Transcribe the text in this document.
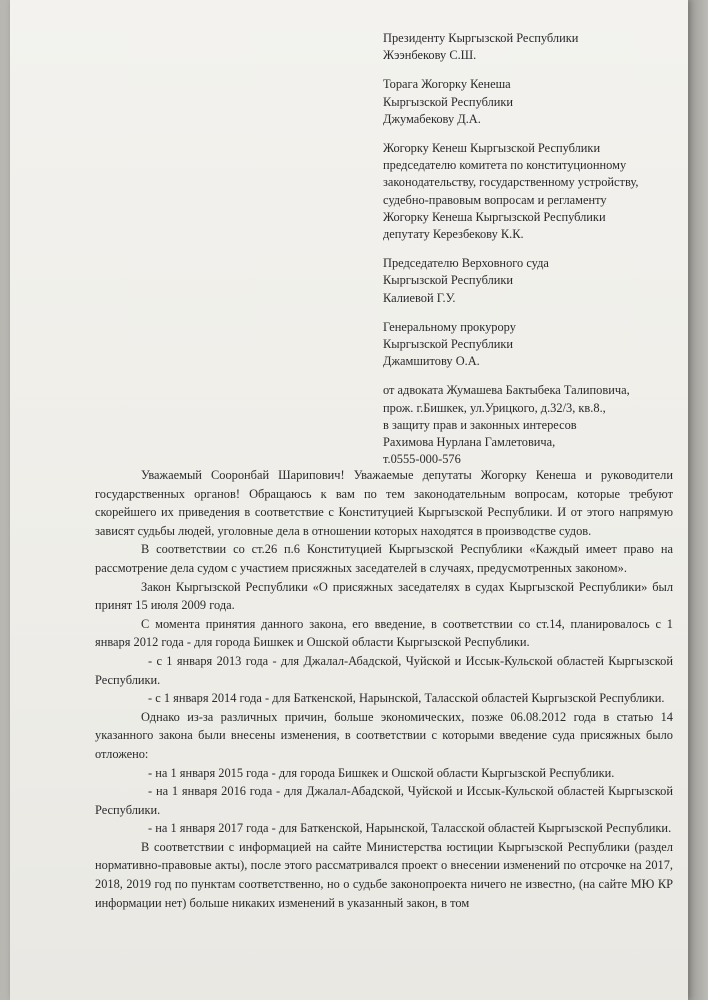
Президенту Кыргызской Республики

Жээнбекову С.Ш.

Торага Жогорку Кенеша

Кыргызской Республики

Джумабекову Д.А.

Жогорку Кенеш Кыргызской Республики

председателю комитета по конституционному

законодательству, государственному устройству,

судебно-правовым вопросам и регламенту

Жогорку Кенеша Кыргызской Республики

депутату Керезбекову К.К.

Председателю Верховного суда

Кыргызской Республики

Калиевой Г.У.

Генеральному прокурору

Кыргызской Республики

Джамшитову О.А.

от адвоката Жумашева Бактыбека Талиповича,

прож. г.Бишкек, ул.Урицкого, д.32/3, кв.8.,

в защиту прав и законных интересов

Рахимова Нурлана Гамлетовича,

т.0555-000-576

Уважаемый Сооронбай Шарипович! Уважаемые депутаты Жогорку Кенеша и руководители государственных органов! Обращаюсь к вам по тем законодательным вопросам, которые требуют скорейшего их приведения в соответствие с Конституцией Кыргызской Республики. И от этого напрямую зависят судьбы людей, уголовные дела в отношении которых находятся в производстве судов.

В соответствии со ст.26 п.6 Конституцией Кыргызской Республики «Каждый имеет право на рассмотрение дела судом с участием присяжных заседателей в случаях, предусмотренных законом».

Закон Кыргызской Республики «О присяжных заседателях в судах Кыргызской Республики» был принят 15 июля 2009 года.

С момента принятия данного закона, его введение, в соответствии со ст.14, планировалось с 1 января 2012 года - для города Бишкек и Ошской области Кыргызской Республики.

- с 1 января 2013 года - для Джалал-Абадской, Чуйской и Иссык-Кульской областей Кыргызской Республики.

- с 1 января 2014 года - для Баткенской, Нарынской, Таласской областей Кыргызской Республики.

Однако из-за различных причин, больше экономических, позже 06.08.2012 года в статью 14 указанного закона были внесены изменения, в соответствии с которыми введение суда присяжных было отложено:

- на 1 января 2015 года - для города Бишкек и Ошской области Кыргызской Республики.

- на 1 января 2016 года - для Джалал-Абадской, Чуйской и Иссык-Кульской областей Кыргызской Республики.

- на 1 января 2017 года - для Баткенской, Нарынской, Таласской областей Кыргызской Республики.

В соответствии с информацией на сайте Министерства юстиции Кыргызской Республики (раздел нормативно-правовые акты), после этого рассматривался проект о внесении изменений по отсрочке на 2017, 2018, 2019 год по пунктам соответственно, но о судьбе законопроекта ничего не известно, (на сайте МЮ КР информации нет) больше никаких изменений в указанный закон, в том
